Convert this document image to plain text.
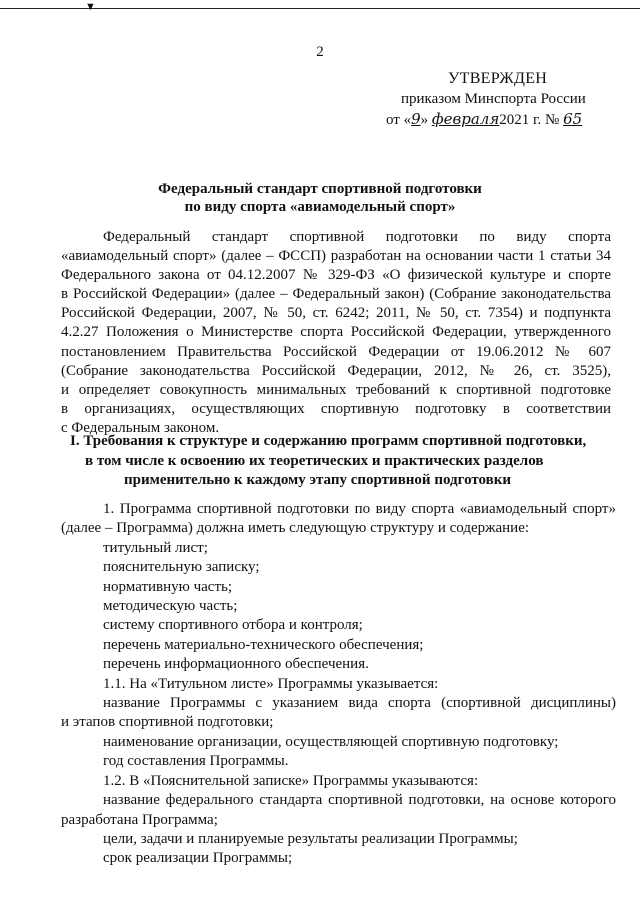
▼
2
УТВЕРЖДЕН
приказом Минспорта России
от «9» февраля2021 г. № 65
Федеральный стандарт спортивной подготовки
по виду спорта «авиамодельный спорт»
Федеральный стандарт спортивной подготовки по виду спорта
«авиамодельный спорт» (далее – ФССП) разработан на основании части 1 статьи 34
Федерального закона от 04.12.2007 № 329-ФЗ «О физической культуре и спорте
в Российской Федерации» (далее – Федеральный закон) (Собрание законодательства
Российской Федерации, 2007, № 50, ст. 6242; 2011, № 50, ст. 7354) и подпункта
4.2.27 Положения о Министерстве спорта Российской Федерации, утвержденного
постановлением Правительства Российской Федерации от 19.06.2012 № 607
(Собрание законодательства Российской Федерации, 2012, № 26, ст. 3525),
и определяет совокупность минимальных требований к спортивной подготовке
в организациях, осуществляющих спортивную подготовку в соответствии
с Федеральным законом.
I. Требования к структуре и содержанию программ спортивной подготовки,
в том числе к освоению их теоретических и практических разделов
применительно к каждому этапу спортивной подготовки
1. Программа спортивной подготовки по виду спорта «авиамодельный спорт»
(далее – Программа) должна иметь следующую структуру и содержание:
титульный лист;
пояснительную записку;
нормативную часть;
методическую часть;
систему спортивного отбора и контроля;
перечень материально-технического обеспечения;
перечень информационного обеспечения.
1.1. На «Титульном листе» Программы указывается:
название Программы с указанием вида спорта (спортивной дисциплины)
и этапов спортивной подготовки;
наименование организации, осуществляющей спортивную подготовку;
год составления Программы.
1.2. В «Пояснительной записке» Программы указываются:
название федерального стандарта спортивной подготовки, на основе которого
разработана Программа;
цели, задачи и планируемые результаты реализации Программы;
срок реализации Программы;
